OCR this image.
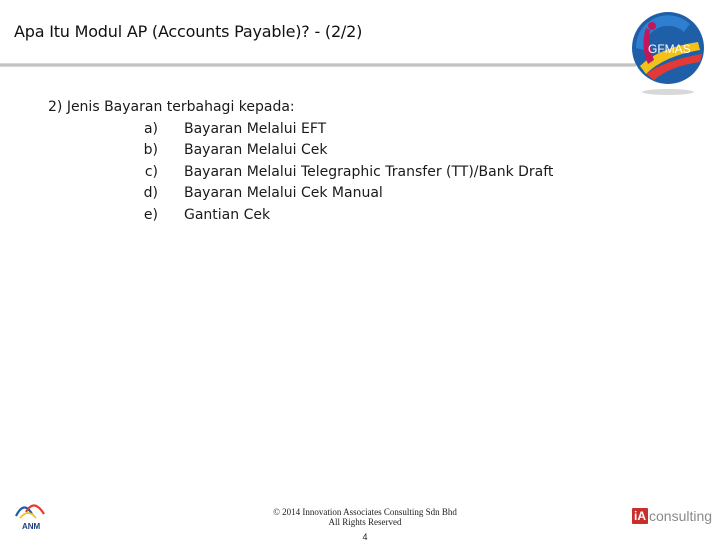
Apa Itu Modul AP (Accounts Payable)? - (2/2)
GFMAS
2) Jenis Bayaran terbahagi kepada:
a) Bayaran Melalui EFT
b) Bayaran Melalui Cek
c) Bayaran Melalui Telegraphic Transfer (TT)/Bank Draft
d) Bayaran Melalui Cek Manual
e) Gantian Cek
ANM
© 2014 Innovation Associates Consulting Sdn Bhd
All Rights Reserved
4
iA consulting
